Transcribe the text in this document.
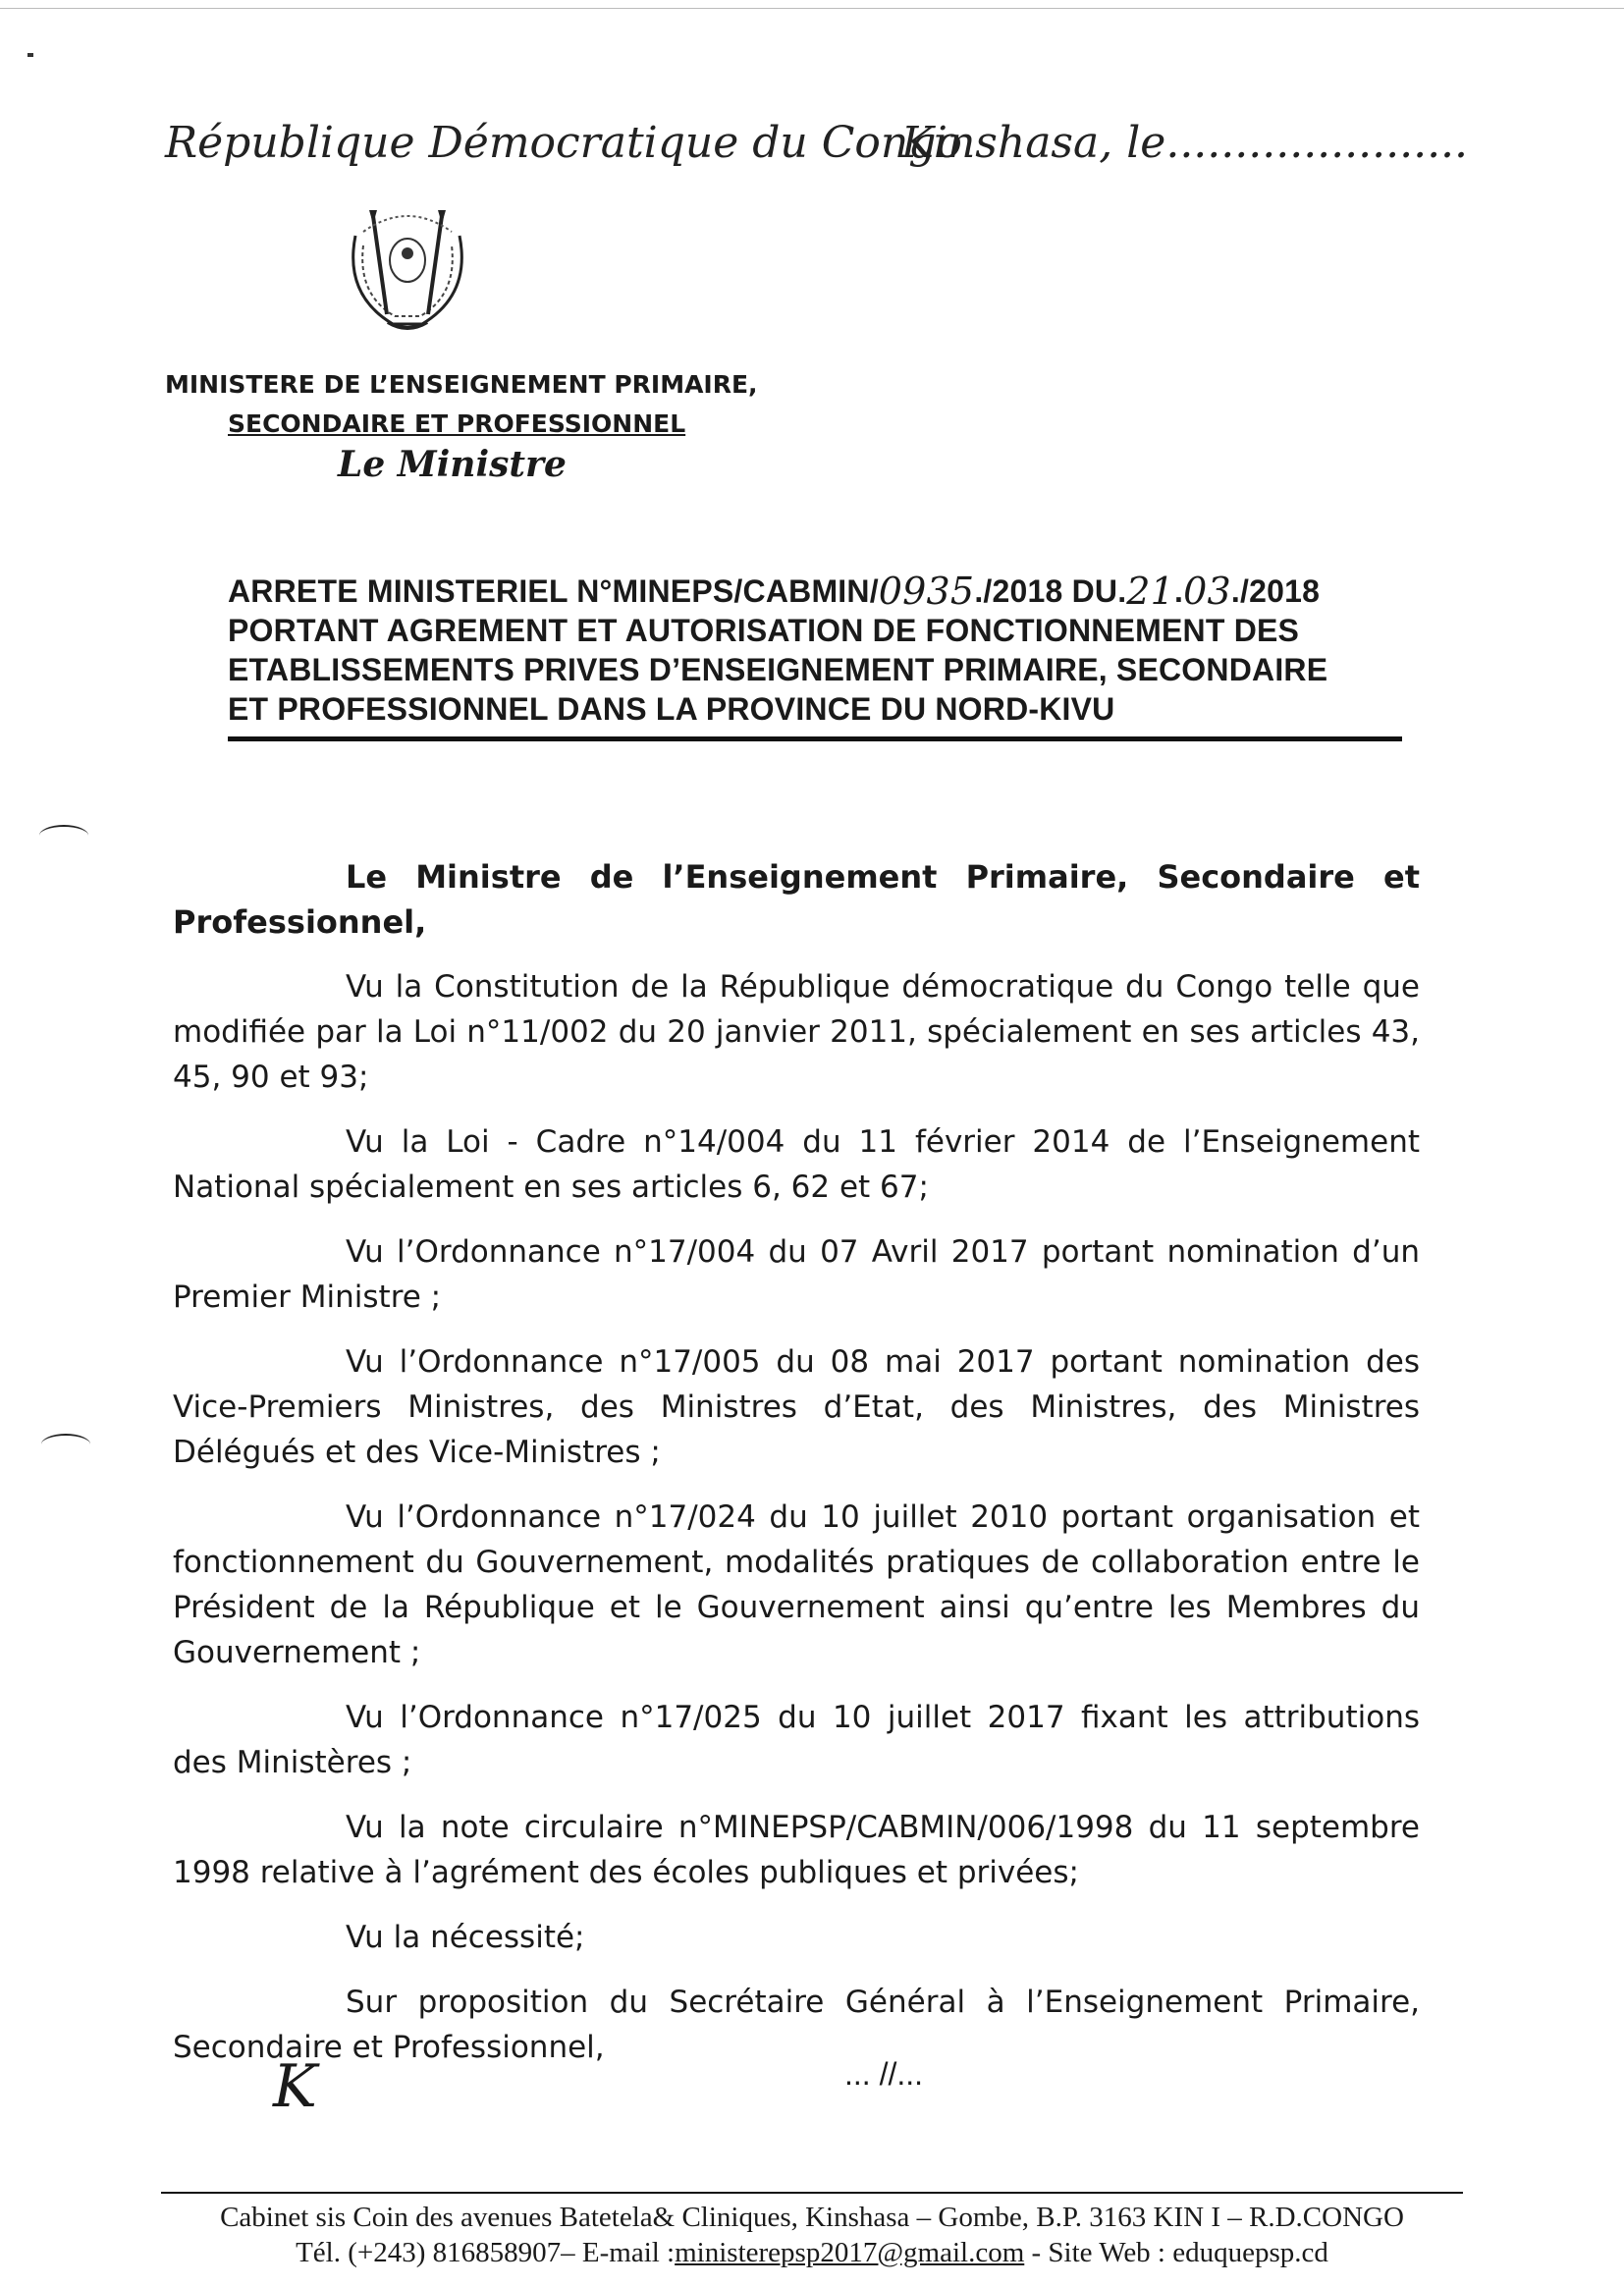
République Démocratique du Congo
Kinshasa, le......................
MINISTERE DE L’ENSEIGNEMENT PRIMAIRE,
SECONDAIRE ET PROFESSIONNEL
Le Ministre
ARRETE MINISTERIEL N°MINEPS/CABMIN/ 0935 ./2018 DU. 21 . 03 ./2018
PORTANT AGREMENT ET AUTORISATION DE FONCTIONNEMENT DES
ETABLISSEMENTS PRIVES D’ENSEIGNEMENT PRIMAIRE, SECONDAIRE
ET PROFESSIONNEL DANS LA PROVINCE DU NORD-KIVU

Le Ministre de l’Enseignement Primaire, Secondaire et Professionnel,

Vu la Constitution de la République démocratique du Congo telle que modifiée par la Loi n°11/002 du 20 janvier 2011, spécialement en ses articles 43, 45, 90 et 93;

Vu la Loi - Cadre n°14/004 du 11 février 2014 de l’Enseignement National spécialement en ses articles 6, 62 et 67;

Vu l’Ordonnance n°17/004 du 07 Avril 2017 portant nomination d’un Premier Ministre ;

Vu l’Ordonnance n°17/005 du 08 mai 2017 portant nomination des Vice-Premiers Ministres, des Ministres d’Etat, des Ministres, des Ministres Délégués et des Vice-Ministres ;

Vu l’Ordonnance n°17/024 du 10 juillet 2010 portant organisation et fonctionnement du Gouvernement, modalités pratiques de collaboration entre le Président de la République et le Gouvernement ainsi qu’entre les Membres du Gouvernement ;

Vu l’Ordonnance n°17/025 du 10 juillet 2017 fixant les attributions des Ministères ;

Vu la note circulaire n°MINEPSP/CABMIN/006/1998 du 11 septembre 1998 relative à l’agrément des écoles publiques et privées;

Vu la nécessité;

Sur proposition du Secrétaire Général à l’Enseignement Primaire, Secondaire et Professionnel,

K	... //...
Cabinet sis Coin des avenues Batetela& Cliniques, Kinshasa – Gombe, B.P. 3163 KIN I – R.D.CONGO
Tél. (+243) 816858907– E-mail :ministerepsp2017@gmail.com - Site Web : eduquepsp.cd
